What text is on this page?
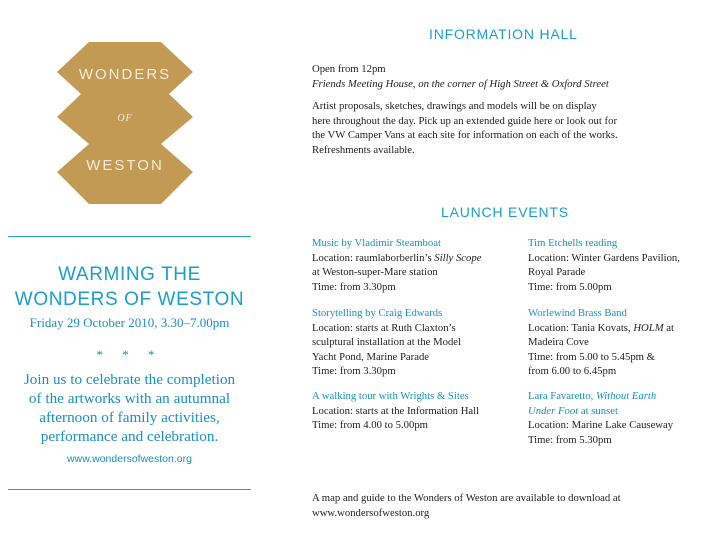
WONDERS
OF
WESTON
WARMING THE
WONDERS OF WESTON
Friday 29 October 2010, 3.30–7.00pm
* * *
Join us to celebrate the completion
of the artworks with an autumnal
afternoon of family activities,
performance and celebration.
www.wondersofweston.org
INFORMATION HALL
Open from 12pm
Friends Meeting House, on the corner of High Street & Oxford Street
Artist proposals, sketches, drawings and models will be on display
here throughout the day. Pick up an extended guide here or look out for
the VW Camper Vans at each site for information on each of the works.
Refreshments available.
LAUNCH EVENTS
Music by Vladimir Steamboat
Location: raumlaborberlin’s Silly Scope
at Weston-super-Mare station
Time: from 3.30pm
Storytelling by Craig Edwards
Location: starts at Ruth Claxton’s
sculptural installation at the Model
Yacht Pond, Marine Parade
Time: from 3.30pm
A walking tour with Wrights & Sites
Location: starts at the Information Hall
Time: from 4.00 to 5.00pm
Tim Etchells reading
Location: Winter Gardens Pavilion,
Royal Parade
Time: from 5.00pm
Worlewind Brass Band
Location: Tania Kovats, HOLM at
Madeira Cove
Time: from 5.00 to 5.45pm &
from 6.00 to 6.45pm
Lara Favaretto, Without Earth
Under Foot at sunset
Location: Marine Lake Causeway
Time: from 5.30pm
A map and guide to the Wonders of Weston are available to download at
www.wondersofweston.org
